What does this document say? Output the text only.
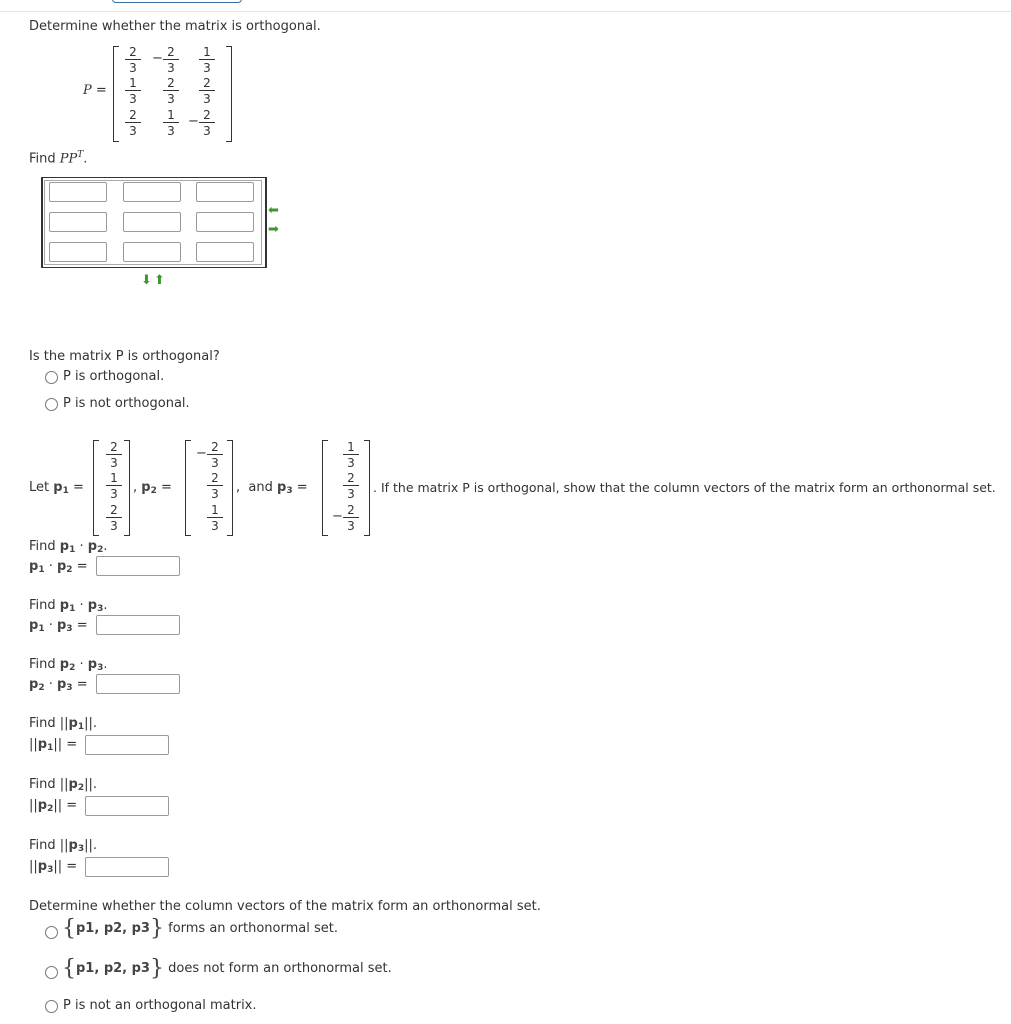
Determine whether the matrix is orthogonal.
P =
$\frac{2}{3} - \frac{2}{3} \frac{1}{3}$
$\frac{1}{3} \frac{2}{3} \frac{2}{3}$
$\frac{2}{3} \frac{1}{3} - \frac{2}{3}$
Find $PP^T$.
⬅
➡
⬇ ⬆
Is the matrix P is orthogonal?
P is orthogonal.
P is not orthogonal.
Let $p_1$ =
$\frac{2}{3}$
$\frac{1}{3}$
$\frac{2}{3}$
, $p_2$ =
− $\frac{2}{3}$
$\frac{2}{3}$
$\frac{1}{3}$
, and $p_3$ =
$\frac{1}{3}$
$\frac{2}{3}$
− $\frac{2}{3}$
. If the matrix P is orthogonal, show that the column vectors of the matrix form an orthonormal set.
Find $p_1 \cdot p_2$.
$p_1 \cdot p_2$ =
Find $p_1 \cdot p_3$.
$p_1 \cdot p_3$ =
Find $p_2 \cdot p_3$.
$p_2 \cdot p_3$ =
Find $||p_1||$.
$||p_1||$ =
Find $||p_2||$.
$||p_2||$ =
Find $||p_3||$.
$||p_3||$ =
Determine whether the column vectors of the matrix form an orthonormal set.
{p1, p2, p3} forms an orthonormal set.
{p1, p2, p3} does not form an orthonormal set.
P is not an orthogonal matrix.
